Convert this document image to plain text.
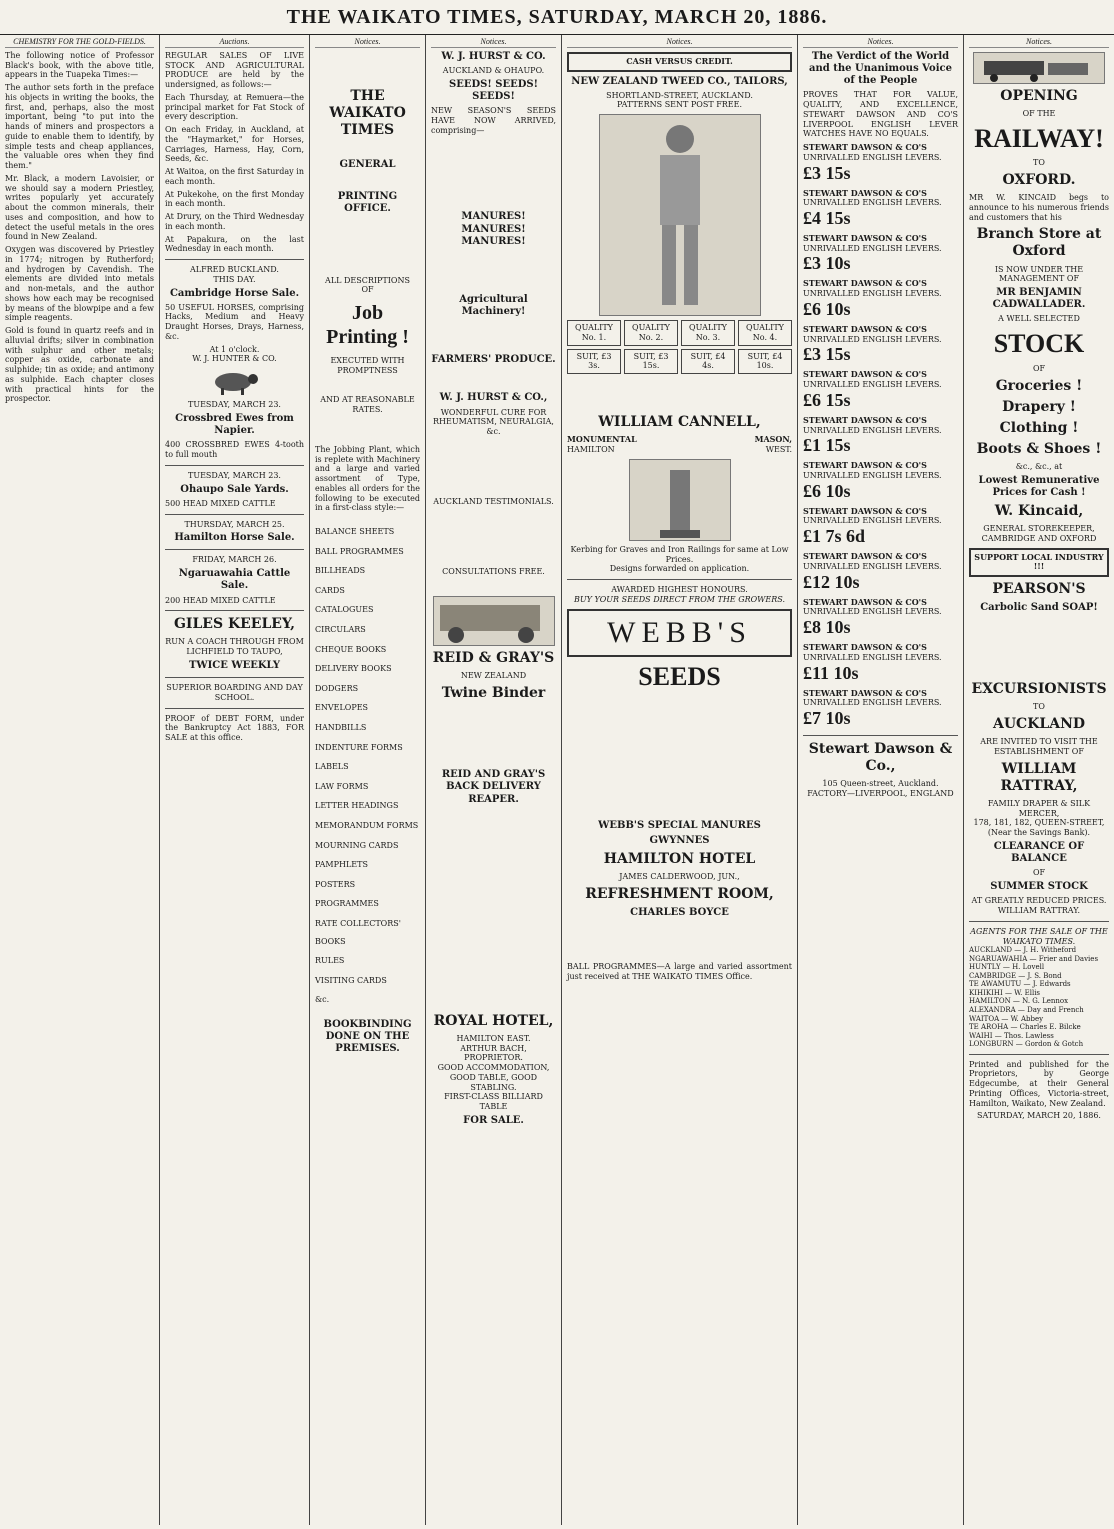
THE WAIKATO TIMES, SATURDAY, MARCH 20, 1886.
CHEMISTRY FOR THE GOLD-FIELDS.

The following notice of Professor Black's book, with the above title, appears in the Tuapeka Times:—

The author sets forth in the preface his objects in writing the books, the first, and, perhaps, also the most important, being "to put into the hands of miners and prospectors a guide to enable them to identify, by simple tests and cheap appliances, the valuable ores when they find them."

Mr. Black, a modern Lavoisier, or we should say a modern Priestley, writes popularly yet accurately about the common minerals, their uses and composition, and how to detect the useful metals in the ores found in New Zealand.

Oxygen was discovered by Priestley in 1774; nitrogen by Rutherford; and hydrogen by Cavendish. The elements are divided into metals and non-metals, and the author shows how each may be recognised by means of the blowpipe and a few simple reagents.

Gold is found in quartz reefs and in alluvial drifts; silver in combination with sulphur and other metals; copper as oxide, carbonate and sulphide; tin as oxide; and antimony as sulphide. Each chapter closes with practical hints for the prospector.

Auctions.

REGULAR SALES OF LIVE STOCK AND AGRICULTURAL PRODUCE are held by the undersigned, as follows:—

Each Thursday, at Remuera—the principal market for Fat Stock of every description.

On each Friday, in Auckland, at the "Haymarket," for Horses, Carriages, Harness, Hay, Corn, Seeds, &c.

At Waitoa, on the first Saturday in each month.

At Pukekohe, on the first Monday in each month.

At Drury, on the Third Wednesday in each month.

At Papakura, on the last Wednesday in each month.

ALFRED BUCKLAND.
THIS DAY.
Cambridge Horse Sale.

50 USEFUL HORSES, comprising Hacks, Medium and Heavy Draught Horses, Drays, Harness, &c.

At 1 o'clock.
W. J. HUNTER & CO.
TUESDAY, MARCH 23.
Crossbred Ewes from Napier.

400 CROSSBRED EWES 4-tooth to full mouth

TUESDAY, MARCH 23.
Ohaupo Sale Yards.

500 HEAD MIXED CATTLE

THURSDAY, MARCH 25.
Hamilton Horse Sale.
FRIDAY, MARCH 26.
Ngaruawahia Cattle Sale.

200 HEAD MIXED CATTLE

GILES KEELEY,
RUN A COACH THROUGH FROM LICHFIELD TO TAUPO,
TWICE WEEKLY
SUPERIOR BOARDING AND DAY SCHOOL.

PROOF of DEBT FORM, under the Bankruptcy Act 1883, FOR SALE at this office.

Notices.
THE WAIKATO TIMES
GENERAL
PRINTING OFFICE.
ALL DESCRIPTIONS
OF
Job Printing !
EXECUTED WITH PROMPTNESS
AND AT REASONABLE RATES.

The Jobbing Plant, which is replete with Machinery and a large and varied assortment of Type, enables all orders for the following to be executed in a first-class style:—

BALANCE SHEETS
BALL PROGRAMMES
BILLHEADS
CARDS
CATALOGUES
CIRCULARS
CHEQUE BOOKS
DELIVERY BOOKS
DODGERS
ENVELOPES
HANDBILLS
INDENTURE FORMS
LABELS
LAW FORMS
LETTER HEADINGS
MEMORANDUM FORMS
MOURNING CARDS
PAMPHLETS
POSTERS
PROGRAMMES
RATE COLLECTORS' BOOKS
RULES
VISITING CARDS
&c.
BOOKBINDING DONE ON THE PREMISES.
Notices.
W. J. HURST & CO.
AUCKLAND & OHAUPO.
SEEDS! SEEDS! SEEDS!

NEW SEASON'S SEEDS HAVE NOW ARRIVED, comprising—

MANURES! MANURES! MANURES!
Agricultural Machinery!
FARMERS' PRODUCE.
W. J. HURST & CO.,
WONDERFUL CURE FOR RHEUMATISM, NEURALGIA, &c.
AUCKLAND TESTIMONIALS.
CONSULTATIONS FREE.
REID & GRAY'S
NEW ZEALAND
Twine Binder
REID AND GRAY'S BACK DELIVERY REAPER.
ROYAL HOTEL,
HAMILTON EAST.
ARTHUR BACH, PROPRIETOR.
GOOD ACCOMMODATION, GOOD TABLE, GOOD STABLING.
FIRST-CLASS BILLIARD TABLE
FOR SALE.
Notices.
CASH VERSUS CREDIT.
NEW ZEALAND TWEED CO., TAILORS,
SHORTLAND-STREET, AUCKLAND.
PATTERNS SENT POST FREE.
QUALITY No. 1.
QUALITY No. 2.
QUALITY No. 3.
QUALITY No. 4.
SUIT, £3 3s.
SUIT, £3 15s.
SUIT, £4 4s.
SUIT, £4 10s.
WILLIAM CANNELL,
MONUMENTAL	MASON,
HAMILTON	WEST.
Kerbing for Graves and Iron Railings for same at Low Prices.
Designs forwarded on application.
AWARDED HIGHEST HONOURS.
BUY YOUR SEEDS DIRECT FROM THE GROWERS.
WEBB'S
SEEDS
WEBB'S SPECIAL MANURES
GWYNNES
HAMILTON HOTEL
JAMES CALDERWOOD, JUN.,
REFRESHMENT ROOM,
CHARLES BOYCE

BALL PROGRAMMES—A large and varied assortment just received at THE WAIKATO TIMES Office.

Notices.
The Verdict of the World and the Unanimous Voice of the People

PROVES THAT FOR VALUE, QUALITY, AND EXCELLENCE, STEWART DAWSON AND CO'S LIVERPOOL ENGLISH LEVER WATCHES HAVE NO EQUALS.

STEWART DAWSON & CO'S
UNRIVALLED ENGLISH LEVERS.
£3 15s
STEWART DAWSON & CO'S
UNRIVALLED ENGLISH LEVERS.
£4 15s
STEWART DAWSON & CO'S
UNRIVALLED ENGLISH LEVERS.
£3 10s
STEWART DAWSON & CO'S
UNRIVALLED ENGLISH LEVERS.
£6 10s
STEWART DAWSON & CO'S
UNRIVALLED ENGLISH LEVERS.
£3 15s
STEWART DAWSON & CO'S
UNRIVALLED ENGLISH LEVERS.
£6 15s
STEWART DAWSON & CO'S
UNRIVALLED ENGLISH LEVERS.
£1 15s
STEWART DAWSON & CO'S
UNRIVALLED ENGLISH LEVERS.
£6 10s
STEWART DAWSON & CO'S
UNRIVALLED ENGLISH LEVERS.
£1 7s 6d
STEWART DAWSON & CO'S
UNRIVALLED ENGLISH LEVERS.
£12 10s
STEWART DAWSON & CO'S
UNRIVALLED ENGLISH LEVERS.
£8 10s
STEWART DAWSON & CO'S
UNRIVALLED ENGLISH LEVERS.
£11 10s
STEWART DAWSON & CO'S
UNRIVALLED ENGLISH LEVERS.
£7 10s
Stewart Dawson & Co.,
105 Queen-street, Auckland.
FACTORY—LIVERPOOL, ENGLAND
Notices.
OPENING
OF THE
RAILWAY!
TO
OXFORD.

MR W. KINCAID begs to announce to his numerous friends and customers that his

Branch Store at Oxford
IS NOW UNDER THE MANAGEMENT OF
MR BENJAMIN CADWALLADER.
A WELL SELECTED
STOCK
OF
Groceries !
Drapery !
Clothing !
Boots & Shoes !
&c., &c., at
Lowest Remunerative Prices for Cash !
W. Kincaid,
GENERAL STOREKEEPER,
CAMBRIDGE AND OXFORD
SUPPORT LOCAL INDUSTRY !!!
PEARSON'S
Carbolic Sand SOAP!
EXCURSIONISTS
TO
AUCKLAND
ARE INVITED TO VISIT THE ESTABLISHMENT OF
WILLIAM RATTRAY,
FAMILY DRAPER & SILK MERCER,
178, 181, 182, QUEEN-STREET,
(Near the Savings Bank).
CLEARANCE OF BALANCE
OF
SUMMER STOCK
AT GREATLY REDUCED PRICES.
WILLIAM RATTRAY.
AGENTS FOR THE SALE OF THE WAIKATO TIMES.
AUCKLAND — J. H. Witheford
NGARUAWAHIA — Frier and Davies
HUNTLY — H. Lovell
CAMBRIDGE — J. S. Bond
TE AWAMUTU — J. Edwards
KIHIKIHI — W. Ellis
HAMILTON — N. G. Lennox
ALEXANDRA — Day and French
WAITOA — W. Abbey
TE AROHA — Charles E. Bilcke
WAIHI — Thos. Lawless
LONGBURN — Gordon & Gotch

Printed and published for the Proprietors, by George Edgecumbe, at their General Printing Offices, Victoria-street, Hamilton, Waikato, New Zealand.

SATURDAY, MARCH 20, 1886.
